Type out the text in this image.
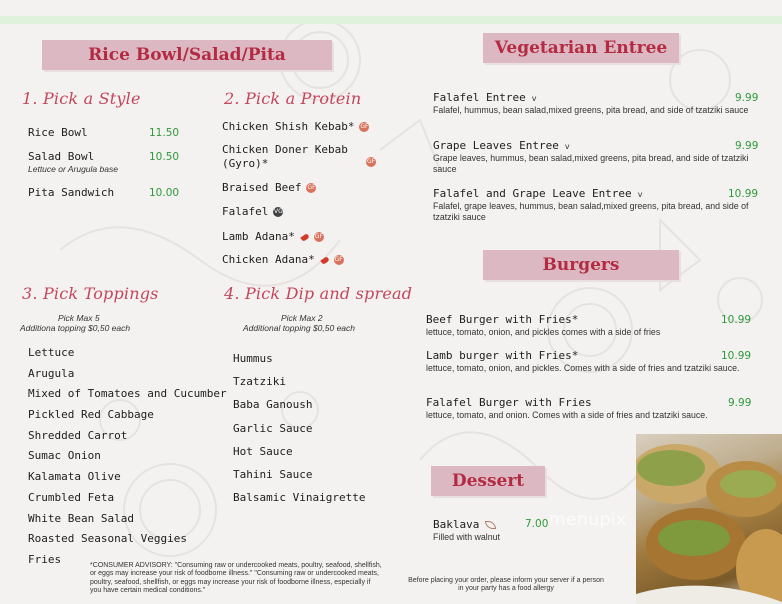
Rice Bowl/Salad/Pita
1. Pick a Style
Rice Bowl	11.50
Salad Bowl	10.50
Lettuce or Arugula base
Pita Sandwich	10.00
2. Pick a Protein
Chicken Shish Kebab* GF
Chicken Doner Kebab
(Gyro)*	GF
Braised Beef GF
Falafel VG
Lamb Adana*	GF
Chicken Adana*	GF
3. Pick Toppings
Pick Max 5
Additiona topping $0,50 each
Lettuce
Arugula
Mixed of Tomatoes and Cucumber
Pickled Red Cabbage
Shredded Carrot
Sumac Onion
Kalamata Olive
Crumbled Feta
White Bean Salad
Roasted Seasonal Veggies
Fries
4. Pick Dip and spread
Pick Max 2
Additional topping $0,50 each
Hummus
Tzatziki
Baba Ganoush
Garlic Sauce
Hot Sauce
Tahini Sauce
Balsamic Vinaigrette
*CONSUMER ADVISORY: "Consuming raw or undercooked meats, poultry, seafood, shellfish, or eggs may increase your risk of foodborne illness." "Consuming raw or undercooked meats, poultry, seafood, shellfish, or eggs may increase your risk of foodborne illness, especially if you have certain medical conditions."
Vegetarian Entree
Falafel Entree v	9.99
Falafel, hummus, bean salad,mixed greens, pita bread, and side of tzatziki sauce
Grape Leaves Entree v	9.99
Grape leaves, hummus, bean salad,mixed greens, pita bread, and side of tzatziki sauce
Falafel and Grape Leave Entree v	10.99
Falafel, grape leaves, hummus, bean salad,mixed greens, pita bread, and side of tzatziki sauce
Burgers
Beef Burger with Fries*	10.99
lettuce, tomato, onion, and pickles comes with a side of fries
Lamb burger with Fries*	10.99
lettuce, tomato, onion, and pickles. Comes with a side of fries and tzatziki sauce.
Falafel Burger with Fries	9.99
lettuce, tomato, and onion. Comes with a side of fries and tzatziki sauce.
Dessert
Baklava	7.00
Filled with walnut
Before placing your order, please inform your server if a person in your party has a food allergy
menupix
